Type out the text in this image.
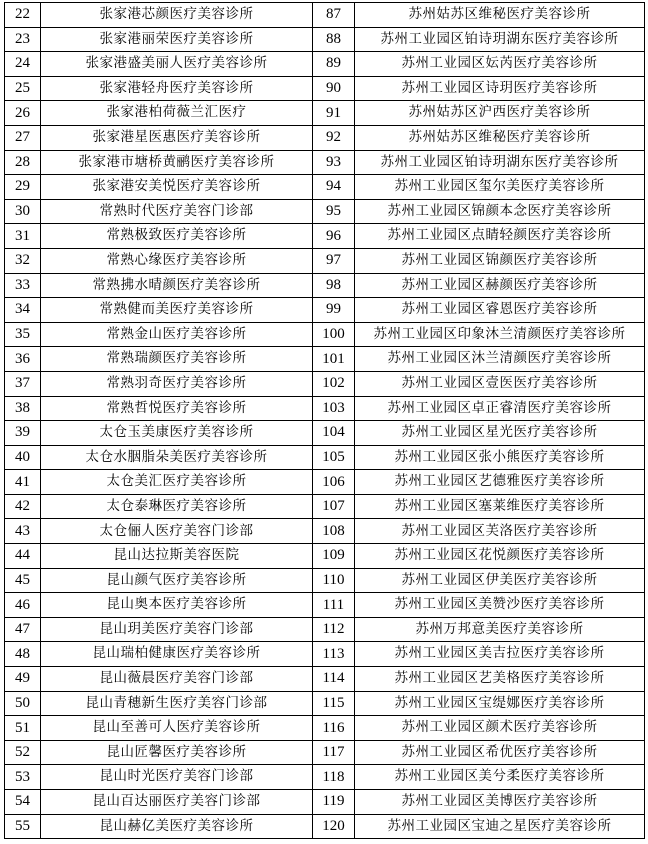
22	张家港芯颜医疗美容诊所	87	苏州姑苏区维秘医疗美容诊所
23	张家港丽荣医疗美容诊所	88	苏州工业园区铂诗玥湖东医疗美容诊所
24	张家港盛美丽人医疗美容诊所	89	苏州工业园区妘芮医疗美容诊所
25	张家港轻舟医疗美容诊所	90	苏州工业园区诗玥医疗美容诊所
26	张家港柏荷薇兰汇医疗	91	苏州姑苏区沪西医疗美容诊所
27	张家港星医惠医疗美容诊所	92	苏州姑苏区维秘医疗美容诊所
28	张家港市塘桥黄鹂医疗美容诊所	93	苏州工业园区铂诗玥湖东医疗美容诊所
29	张家港安美悦医疗美容诊所	94	苏州工业园区玺尔美医疗美容诊所
30	常熟时代医疗美容门诊部	95	苏州工业园区锦颜本念医疗美容诊所
31	常熟极致医疗美容诊所	96	苏州工业园区点睛轻颜医疗美容诊所
32	常熟心缘医疗美容诊所	97	苏州工业园区锦颜医疗美容诊所
33	常熟拂水晴颜医疗美容诊所	98	苏州工业园区赫颜医疗美容诊所
34	常熟健而美医疗美容诊所	99	苏州工业园区睿恩医疗美容诊所
35	常熟金山医疗美容诊所	100	苏州工业园区印象沐兰清颜医疗美容诊所
36	常熟瑞颜医疗美容诊所	101	苏州工业园区沐兰清颜医疗美容诊所
37	常熟羽奇医疗美容诊所	102	苏州工业园区壹医医疗美容诊所
38	常熟哲悦医疗美容诊所	103	苏州工业园区卓正睿清医疗美容诊所
39	太仓玉美康医疗美容诊所	104	苏州工业园区星光医疗美容诊所
40	太仓水胭脂朵美医疗美容诊所	105	苏州工业园区张小熊医疗美容诊所
41	太仓美汇医疗美容诊所	106	苏州工业园区艺德雅医疗美容诊所
42	太仓泰琳医疗美容诊所	107	苏州工业园区塞莱维医疗美容诊所
43	太仓俪人医疗美容门诊部	108	苏州工业园区芙洛医疗美容诊所
44	昆山达拉斯美容医院	109	苏州工业园区花悦颜医疗美容诊所
45	昆山颜气医疗美容诊所	110	苏州工业园区伊美医疗美容诊所
46	昆山奥本医疗美容诊所	111	苏州工业园区美赞沙医疗美容诊所
47	昆山玥美医疗美容门诊部	112	苏州万邦意美医疗美容诊所
48	昆山瑞柏健康医疗美容诊所	113	苏州工业园区美吉拉医疗美容诊所
49	昆山薇晨医疗美容门诊部	114	苏州工业园区艺美格医疗美容诊所
50	昆山青穗新生医疗美容门诊部	115	苏州工业园区宝缇娜医疗美容诊所
51	昆山至善可人医疗美容诊所	116	苏州工业园区颜术医疗美容诊所
52	昆山匠馨医疗美容诊所	117	苏州工业园区希优医疗美容诊所
53	昆山时光医疗美容门诊部	118	苏州工业园区美兮柔医疗美容诊所
54	昆山百达丽医疗美容门诊部	119	苏州工业园区美博医疗美容诊所
55	昆山赫亿美医疗美容诊所	120	苏州工业园区宝迪之星医疗美容诊所
